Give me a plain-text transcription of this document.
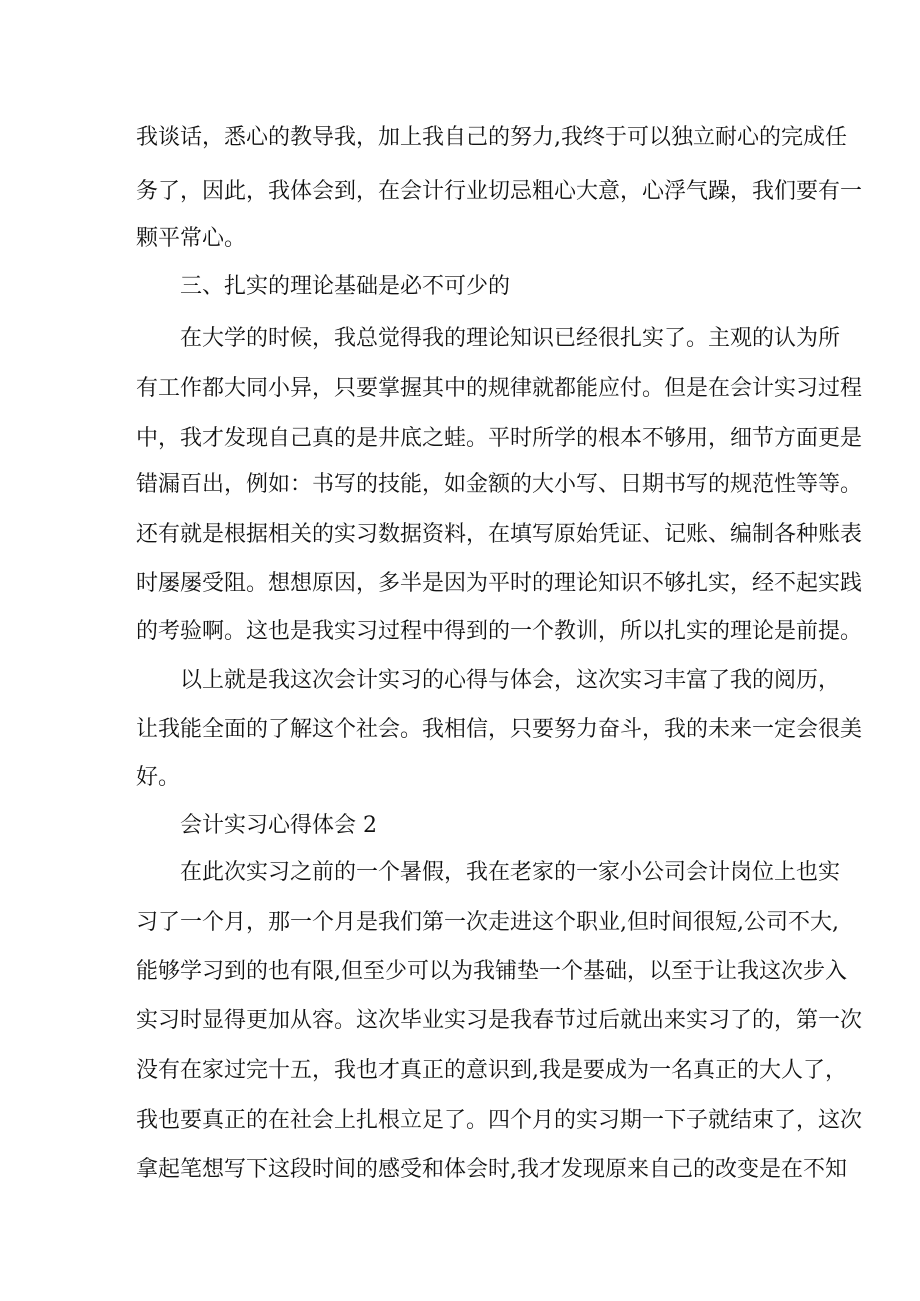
我谈话，悉心的教导我，加上我自己的努力,我终于可以独立耐心的完成任
务了，因此，我体会到，在会计行业切忌粗心大意，心浮气躁，我们要有一
颗平常心。
三、扎实的理论基础是必不可少的
在大学的时候，我总觉得我的理论知识已经很扎实了。主观的认为所
有工作都大同小异，只要掌握其中的规律就都能应付。但是在会计实习过程
中，我才发现自己真的是井底之蛙。平时所学的根本不够用，细节方面更是
错漏百出，例如：书写的技能，如金额的大小写、日期书写的规范性等等。
还有就是根据相关的实习数据资料，在填写原始凭证、记账、编制各种账表
时屡屡受阻。想想原因，多半是因为平时的理论知识不够扎实，经不起实践
的考验啊。这也是我实习过程中得到的一个教训，所以扎实的理论是前提。
以上就是我这次会计实习的心得与体会，这次实习丰富了我的阅历，
让我能全面的了解这个社会。我相信，只要努力奋斗，我的未来一定会很美
好。
会计实习心得体会 2
在此次实习之前的一个暑假，我在老家的一家小公司会计岗位上也实
习了一个月，那一个月是我们第一次走进这个职业,但时间很短,公司不大,
能够学习到的也有限,但至少可以为我铺垫一个基础，以至于让我这次步入
实习时显得更加从容。这次毕业实习是我春节过后就出来实习了的，第一次
没有在家过完十五，我也才真正的意识到,我是要成为一名真正的大人了，
我也要真正的在社会上扎根立足了。四个月的实习期一下子就结束了，这次
拿起笔想写下这段时间的感受和体会时,我才发现原来自己的改变是在不知
